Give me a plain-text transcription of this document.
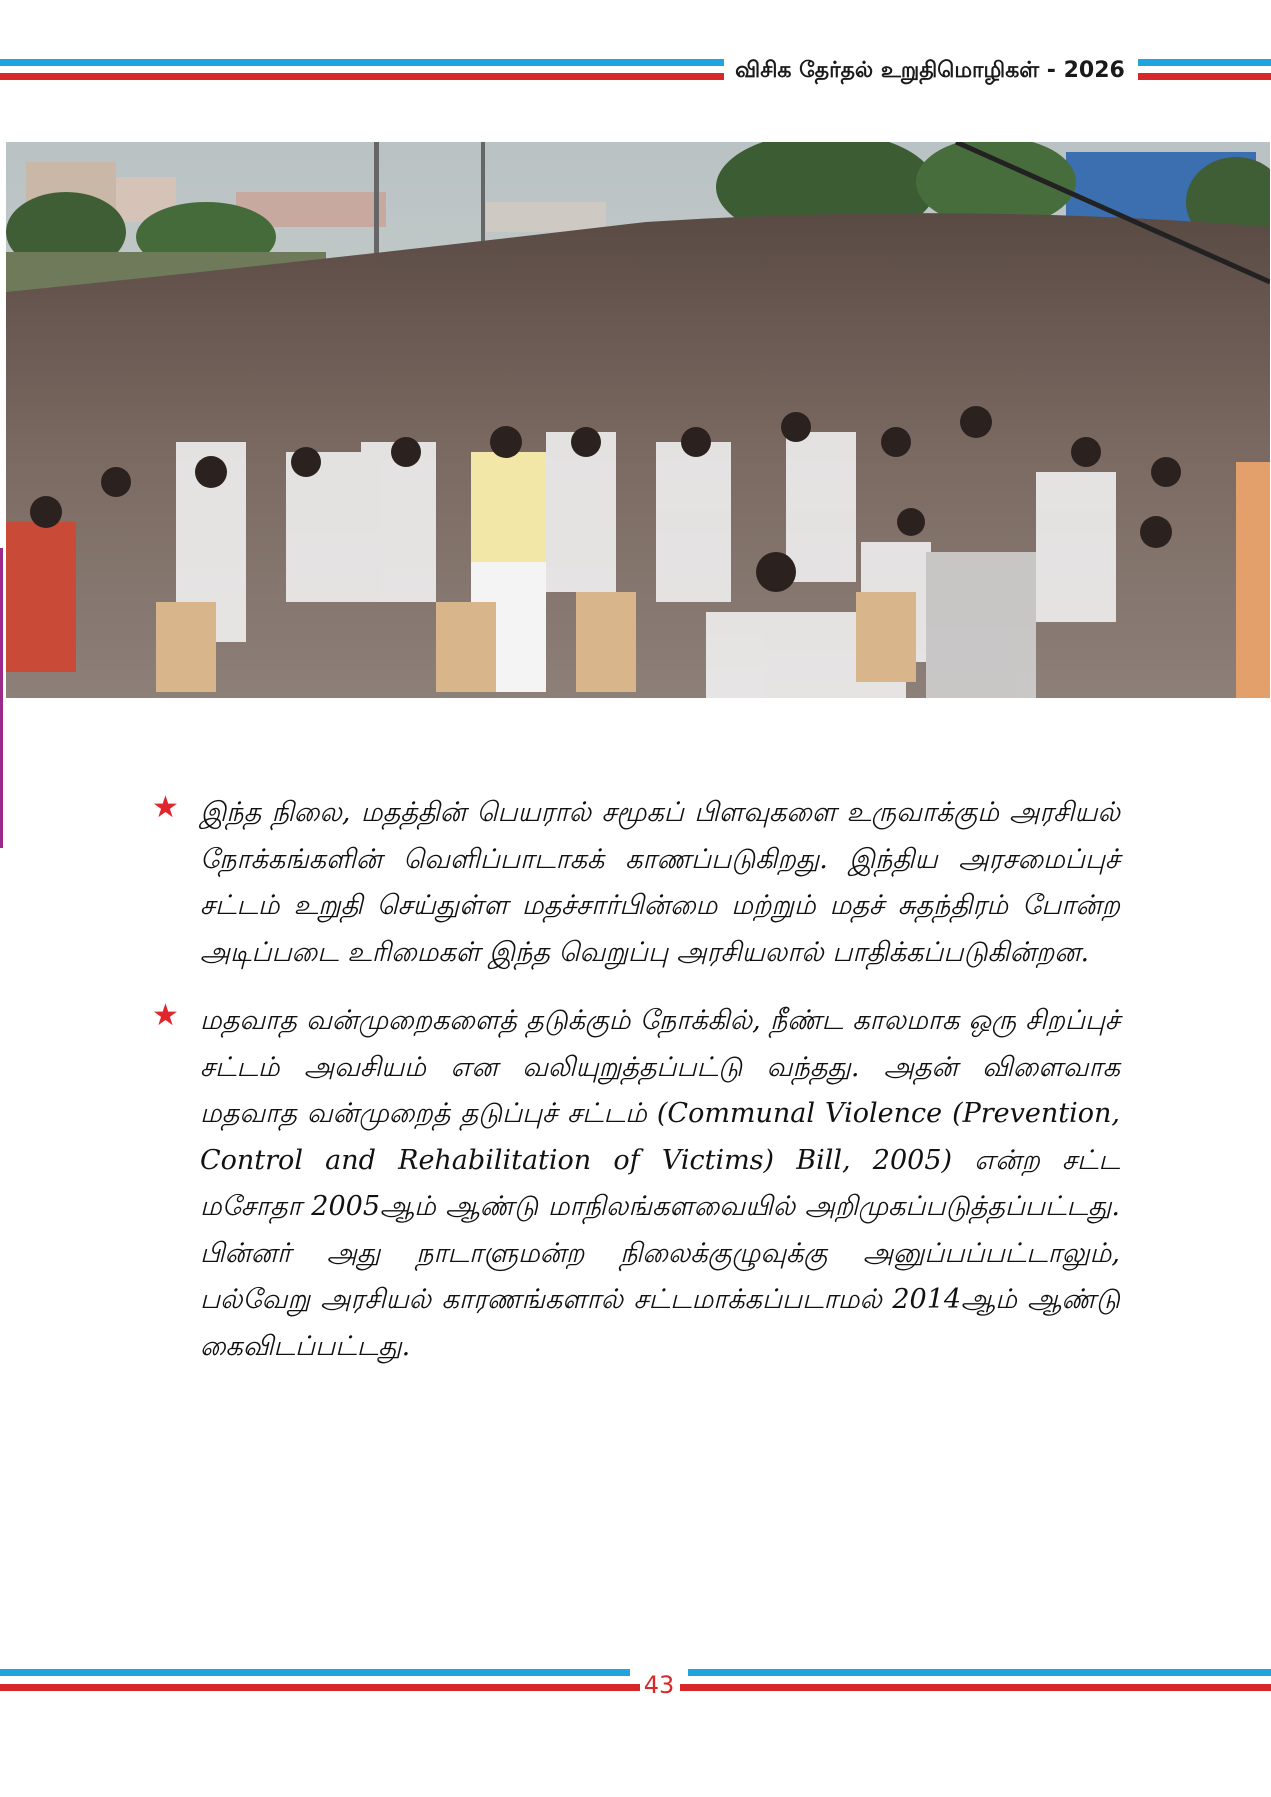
விசிக தேர்தல் உறுதிமொழிகள் - 2026
★ இந்த நிலை, மதத்தின் பெயரால் சமூகப் பிளவுகளை உருவாக்கும் அரசியல் நோக்கங்களின் வெளிப்பாடாகக் காணப்படுகிறது. இந்திய அரசமைப்புச் சட்டம் உறுதி செய்துள்ள மதச்சார்பின்மை மற்றும் மதச் சுதந்திரம் போன்ற அடிப்படை உரிமைகள் இந்த வெறுப்பு அரசியலால் பாதிக்கப்படுகின்றன.

★ மதவாத வன்முறைகளைத் தடுக்கும் நோக்கில், நீண்ட காலமாக ஒரு சிறப்புச் சட்டம் அவசியம் என வலியுறுத்தப்பட்டு வந்தது. அதன் விளைவாக மதவாத வன்முறைத் தடுப்புச் சட்டம் (Communal Violence (Prevention, Control and Rehabilitation of Victims) Bill, 2005) என்ற சட்ட மசோதா 2005ஆம் ஆண்டு மாநிலங்களவையில் அறிமுகப்படுத்தப்பட்டது. பின்னர் அது நாடாளுமன்ற நிலைக்குழுவுக்கு அனுப்பப்பட்டாலும், பல்வேறு அரசியல் காரணங்களால் சட்டமாக்கப்படாமல் 2014ஆம் ஆண்டு கைவிடப்பட்டது.

43
